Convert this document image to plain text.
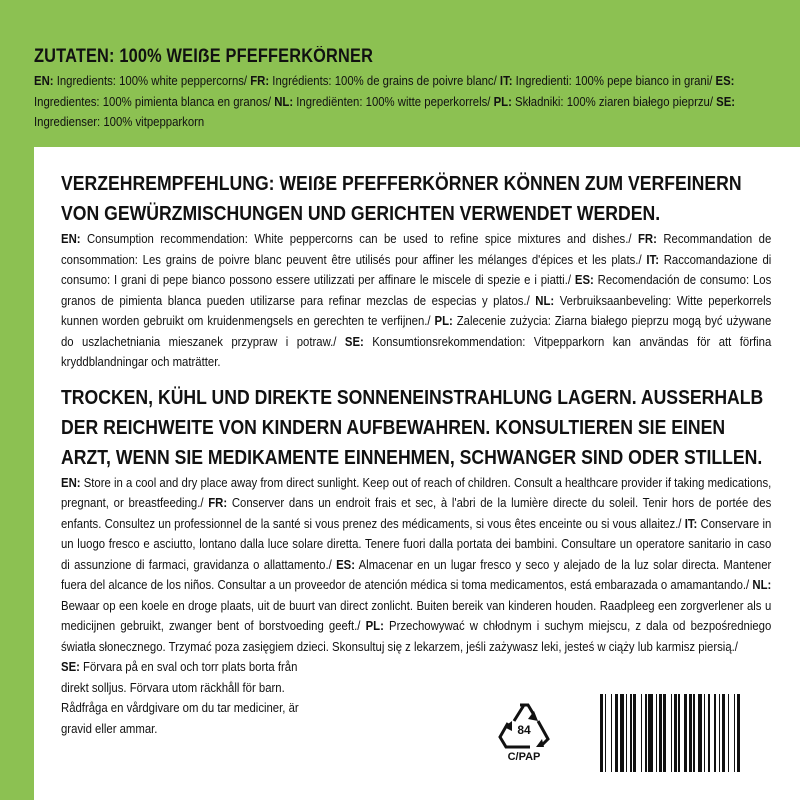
ZUTATEN: 100% WEIẞE PFEFFERKÖRNER
EN: Ingredients: 100% white peppercorns/ FR: Ingrédients: 100% de grains de poivre blanc/ IT: Ingredienti: 100% pepe bianco in grani/ ES: Ingredientes: 100% pimienta blanca en granos/ NL: Ingrediënten: 100% witte peperkorrels/ PL: Składniki: 100% ziaren białego pieprzu/ SE: Ingredienser: 100% vitpepparkorn
VERZEHREMPFEHLUNG: WEIẞE PFEFFERKÖRNER KÖNNEN ZUM VERFEINERN VON GEWÜRZMISCHUNGEN UND GERICHTEN VERWENDET WERDEN.
EN: Consumption recommendation: White peppercorns can be used to refine spice mixtures and dishes./ FR: Recommandation de consommation: Les grains de poivre blanc peuvent être utilisés pour affiner les mélanges d'épices et les plats./ IT: Raccomandazione di consumo: I grani di pepe bianco possono essere utilizzati per affinare le miscele di spezie e i piatti./ ES: Recomendación de consumo: Los granos de pimienta blanca pueden utilizarse para refinar mezclas de especias y platos./ NL: Verbruiksaanbeveling: Witte peperkorrels kunnen worden gebruikt om kruidenmengsels en gerechten te verfijnen./ PL: Zalecenie zużycia: Ziarna białego pieprzu mogą być używane do uszlachetniania mieszanek przypraw i potraw./ SE: Konsumtionsrekommendation: Vitpepparkorn kan användas för att förfina kryddblandningar och maträtter.
TROCKEN, KÜHL UND DIREKTE SONNENEINSTRAHLUNG LAGERN. AUSSERHALB DER REICHWEITE VON KINDERN AUFBEWAHREN. KONSULTIEREN SIE EINEN ARZT, WENN SIE MEDIKAMENTE EINNEHMEN, SCHWANGER SIND ODER STILLEN.
EN: Store in a cool and dry place away from direct sunlight. Keep out of reach of children. Consult a healthcare provider if taking medications, pregnant, or breastfeeding./ FR: Conserver dans un endroit frais et sec, à l'abri de la lumière directe du soleil. Tenir hors de portée des enfants. Consultez un professionnel de la santé si vous prenez des médicaments, si vous êtes enceinte ou si vous allaitez./ IT: Conservare in un luogo fresco e asciutto, lontano dalla luce solare diretta. Tenere fuori dalla portata dei bambini. Consultare un operatore sanitario in caso di assunzione di farmaci, gravidanza o allattamento./ ES: Almacenar en un lugar fresco y seco y alejado de la luz solar directa. Mantener fuera del alcance de los niños. Consultar a un proveedor de atención médica si toma medicamentos, está embarazada o amamantando./ NL: Bewaar op een koele en droge plaats, uit de buurt van direct zonlicht. Buiten bereik van kinderen houden. Raadpleeg een zorgverlener als u medicijnen gebruikt, zwanger bent of borstvoeding geeft./ PL: Przechowywać w chłodnym i suchym miejscu, z dala od bezpośredniego światła słonecznego. Trzymać poza zasięgiem dzieci. Skonsultuj się z lekarzem, jeśli zażywasz leki, jesteś w ciąży lub karmisz piersią./
SE: Förvara på en sval och torr plats borta från direkt solljus. Förvara utom räckhåll för barn. Rådfråga en vårdgivare om du tar mediciner, är gravid eller ammar.	84
C/PAP
